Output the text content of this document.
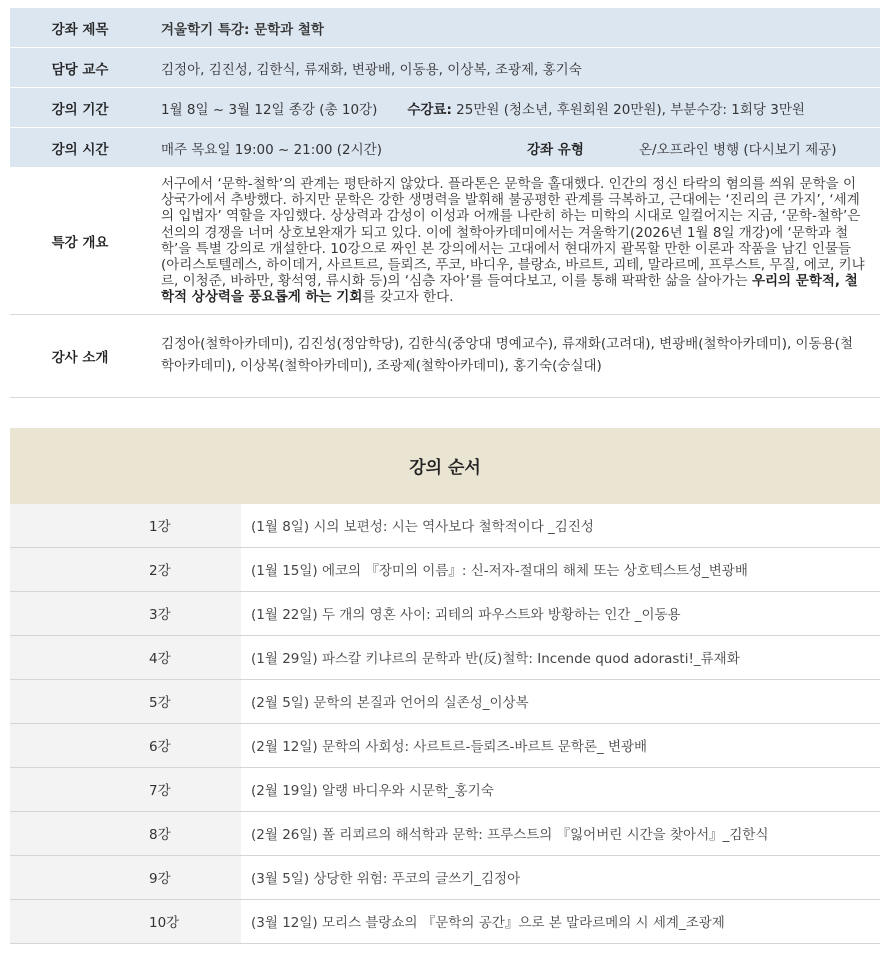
강좌 제목	겨울학기 특강: 문학과 철학
담당 교수	김정아, 김진성, 김한식, 류재화, 변광배, 이동용, 이상복, 조광제, 홍기숙
강의 기간	1월 8일 ~ 3월 12일 종강 (총 10강) 수강료: 25만원 (청소년, 후원회원 20만원), 부분수강: 1회당 3만원
강의 시간	매주 목요일 19:00 ~ 21:00 (2시간) 강좌 유형 온/오프라인 병행 (다시보기 제공)
특강 개요	서구에서 ‘문학-철학’의 관계는 평탄하지 않았다. 플라톤은 문학을 홀대했다. 인간의 정신 타락의 혐의를 씌워 문학을 이상국가에서 추방했다. 하지만 문학은 강한 생명력을 발휘해 불공평한 관계를 극복하고, 근대에는 ‘진리의 큰 가지’, ‘세계의 입법자’ 역할을 자임했다. 상상력과 감성이 이성과 어깨를 나란히 하는 미학의 시대로 일컬어지는 지금, ‘문학-철학’은 선의의 경쟁을 너머 상호보완재가 되고 있다. 이에 철학아카데미에서는 겨울학기(2026년 1월 8일 개강)에 ‘문학과 철학’을 특별 강의로 개설한다. 10강으로 짜인 본 강의에서는 고대에서 현대까지 괄목할 만한 이론과 작품을 남긴 인물들(아리스토텔레스, 하이데거, 사르트르, 들뢰즈, 푸코, 바디우, 블랑쇼, 바르트, 괴테, 말라르메, 프루스트, 무질, 에코, 키냐르, 이청준, 바하만, 황석영, 류시화 등)의 ‘심층 자아’를 들여다보고, 이를 통해 팍팍한 삶을 살아가는 우리의 문학적, 철학적 상상력을 풍요롭게 하는 기회를 갖고자 한다.
강사 소개	김정아(철학아카데미), 김진성(정암학당), 김한식(중앙대 명예교수), 류재화(고려대), 변광배(철학아카데미), 이동용(철학아카데미), 이상복(철학아카데미), 조광제(철학아카데미), 홍기숙(숭실대)
강의 순서
1강	(1월 8일) 시의 보편성: 시는 역사보다 철학적이다 _김진성
2강	(1월 15일) 에코의 『장미의 이름』: 신-저자-절대의 해체 또는 상호텍스트성_변광배
3강	(1월 22일) 두 개의 영혼 사이: 괴테의 파우스트와 방황하는 인간 _이동용
4강	(1월 29일) 파스칼 키냐르의 문학과 반(反)철학: Incende quod adorasti!_류재화
5강	(2월 5일) 문학의 본질과 언어의 실존성_이상복
6강	(2월 12일) 문학의 사회성: 사르트르-들뢰즈-바르트 문학론_ 변광배
7강	(2월 19일) 알랭 바디우와 시문학_홍기숙
8강	(2월 26일) 폴 리쾨르의 해석학과 문학: 프루스트의 『잃어버린 시간을 찾아서』_김한식
9강	(3월 5일) 상당한 위험: 푸코의 글쓰기_김정아
10강	(3월 12일) 모리스 블랑쇼의 『문학의 공간』으로 본 말라르메의 시 세계_조광제
